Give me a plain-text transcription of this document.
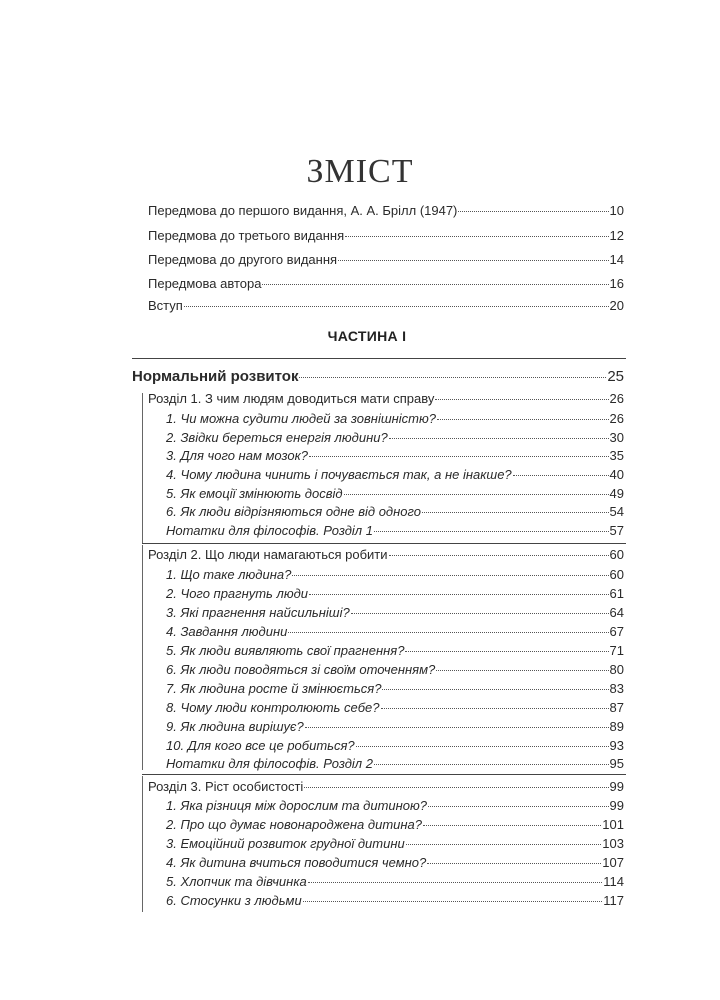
ЗМІСТ
Передмова до першого видання, А. А. Брілл (1947)	10
Передмова до третього видання	12
Передмова до другого видання	14
Передмова автора	16
Вступ	20
ЧАСТИНА І
Нормальний розвиток	25
Розділ 1. З чим людям доводиться мати справу	26
1. Чи можна судити людей за зовнішністю?	26
2. Звідки береться енергія людини?	30
3. Для чого нам мозок?	35
4. Чому людина чинить і почувається так, а не інакше?	40
5. Як емоції змінюють досвід	49
6. Як люди відрізняються одне від одного	54
Нотатки для філософів. Розділ 1	57
Розділ 2. Що люди намагаються робити	60
1. Що таке людина?	60
2. Чого прагнуть люди	61
3. Які прагнення найсильніші?	64
4. Завдання людини	67
5. Як люди виявляють свої прагнення?	71
6. Як люди поводяться зі своїм оточенням?	80
7. Як людина росте й змінюється?	83
8. Чому люди контролюють себе?	87
9. Як людина вирішує?	89
10. Для кого все це робиться?	93
Нотатки для філософів. Розділ 2	95
Розділ 3. Ріст особистості	99
1. Яка різниця між дорослим та дитиною?	99
2. Про що думає новонароджена дитина?	101
3. Емоційний розвиток грудної дитини	103
4. Як дитина вчиться поводитися чемно?	107
5. Хлопчик та дівчинка	114
6. Стосунки з людьми	117
